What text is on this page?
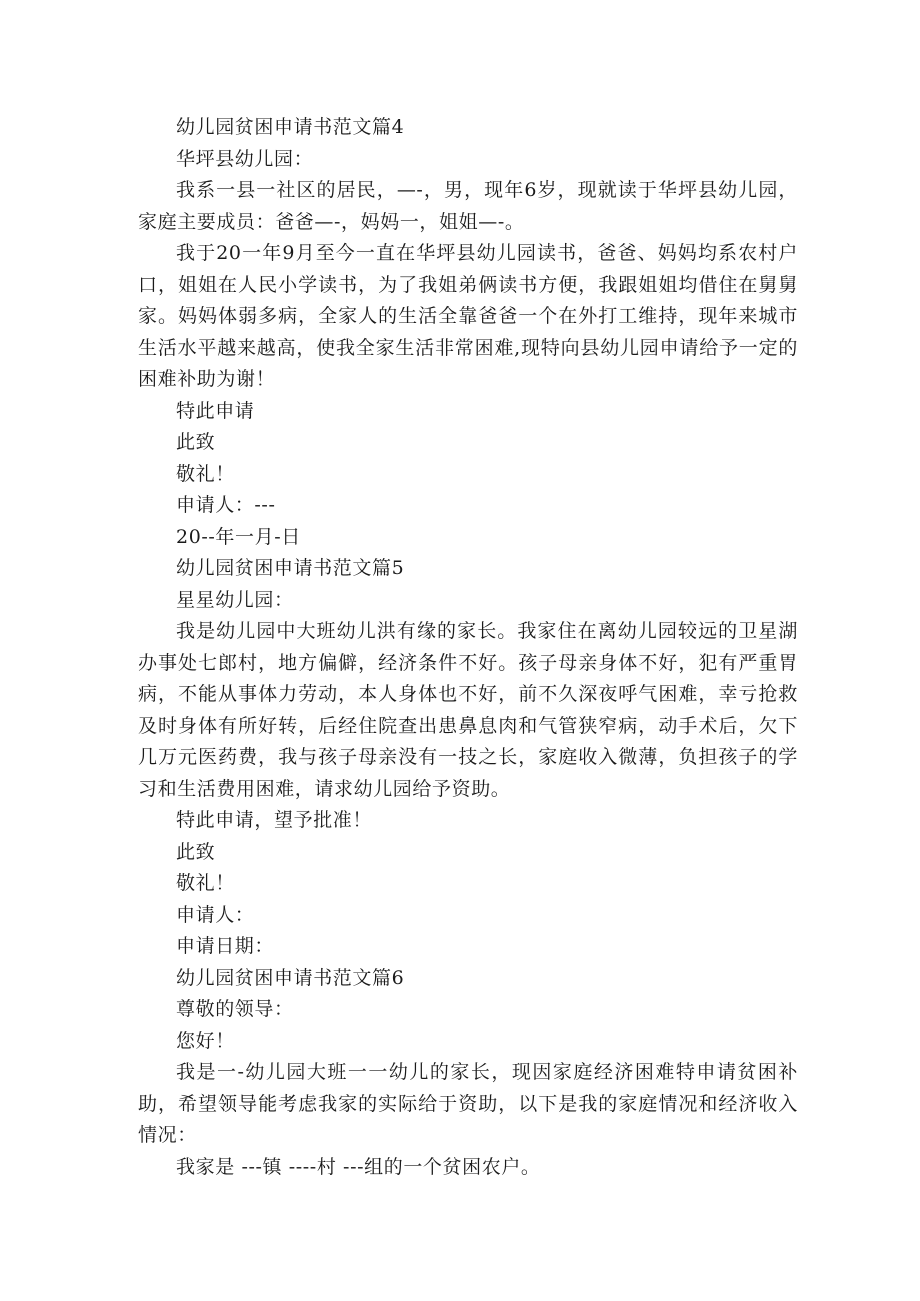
幼儿园贫困申请书范文篇4

华坪县幼儿园：

我系一县一社区的居民，—-，男，现年6岁，现就读于华坪县幼儿园，家庭主要成员：爸爸—-，妈妈一，姐姐—-。

我于20一年9月至今一直在华坪县幼儿园读书，爸爸、妈妈均系农村户口，姐姐在人民小学读书，为了我姐弟俩读书方便，我跟姐姐均借住在舅舅家。妈妈体弱多病，全家人的生活全靠爸爸一个在外打工维持，现年来城市生活水平越来越高，使我全家生活非常困难,现特向县幼儿园申请给予一定的困难补助为谢！

特此申请

此致

敬礼！

申请人：---

20--年一月-日

幼儿园贫困申请书范文篇5

星星幼儿园：

我是幼儿园中大班幼儿洪有缘的家长。我家住在离幼儿园较远的卫星湖办事处七郎村，地方偏僻，经济条件不好。孩子母亲身体不好，犯有严重胃病，不能从事体力劳动，本人身体也不好，前不久深夜呼气困难，幸亏抢救及时身体有所好转，后经住院查出患鼻息肉和气管狭窄病，动手术后，欠下几万元医药费，我与孩子母亲没有一技之长，家庭收入微薄，负担孩子的学习和生活费用困难，请求幼儿园给予资助。

特此申请，望予批准！

此致

敬礼！

申请人：

申请日期：

幼儿园贫困申请书范文篇6

尊敬的领导：

您好！

我是一-幼儿园大班一一幼儿的家长，现因家庭经济困难特申请贫困补助，希望领导能考虑我家的实际给于资助，以下是我的家庭情况和经济收入情况：

我家是 ---镇 ----村 ---组的一个贫困农户。
